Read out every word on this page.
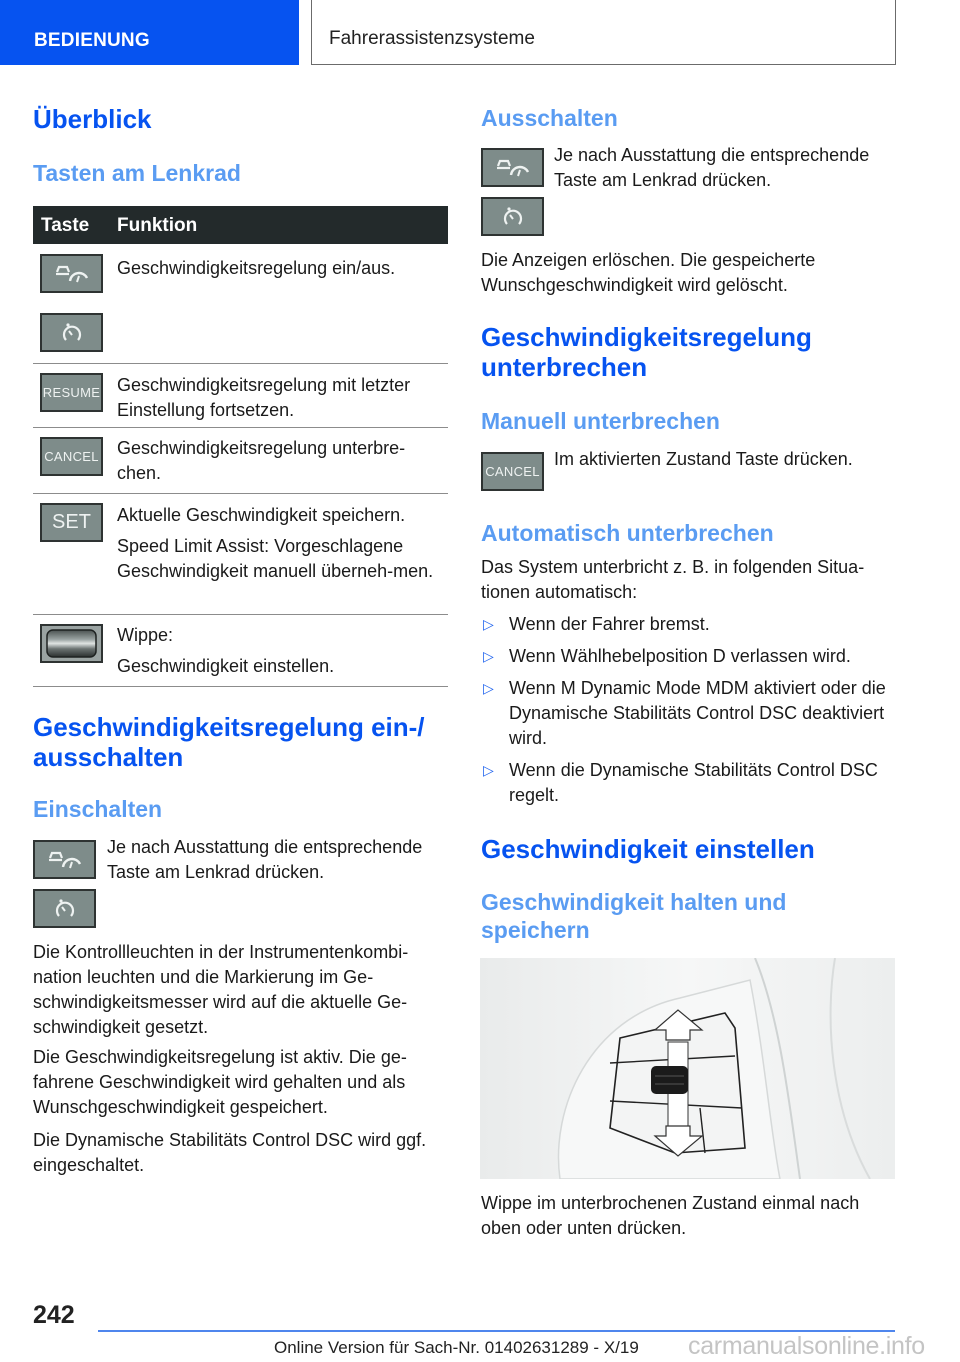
BEDIENUNG	Fahrerassistenzsysteme
Überblick
Tasten am Lenkrad
Taste Funktion
Geschwindigkeitsregelung ein/aus.
RESUME Geschwindigkeitsregelung mit letzter Einstellung fortsetzen.
CANCEL Geschwindigkeitsregelung unterbre-chen.
SET	Aktuelle Geschwindigkeit speichern.
Speed Limit Assist: Vorgeschlagene Geschwindigkeit manuell überneh-men.
Wippe:
Geschwindigkeit einstellen.
Geschwindigkeitsregelung ein-/
ausschalten
Einschalten
Je nach Ausstattung die entsprechende Taste am Lenkrad drücken.
Die Kontrollleuchten in der Instrumentenkombi-nation leuchten und die Markierung im Ge-schwindigkeitsmesser wird auf die aktuelle Ge-schwindigkeit gesetzt.
Die Geschwindigkeitsregelung ist aktiv. Die ge-fahrene Geschwindigkeit wird gehalten und als Wunschgeschwindigkeit gespeichert.
Die Dynamische Stabilitäts Control DSC wird ggf. eingeschaltet.
Ausschalten
Je nach Ausstattung die entsprechende Taste am Lenkrad drücken.
Die Anzeigen erlöschen. Die gespeicherte Wunschgeschwindigkeit wird gelöscht.
Geschwindigkeitsregelung
unterbrechen
Manuell unterbrechen
CANCEL
Im aktivierten Zustand Taste drücken.
Automatisch unterbrechen
Das System unterbricht z. B. in folgenden Situa-tionen automatisch:
▷ Wenn der Fahrer bremst.
▷ Wenn Wählhebelposition D verlassen wird.
▷ Wenn M Dynamic Mode MDM aktiviert oder die Dynamische Stabilitäts Control DSC deaktiviert wird.
▷ Wenn die Dynamische Stabilitäts Control DSC regelt.
Geschwindigkeit einstellen
Geschwindigkeit halten und
speichern
Wippe im unterbrochenen Zustand einmal nach oben oder unten drücken.
242
Online Version für Sach-Nr. 01402631289 - X/19 carmanualsonline.info
